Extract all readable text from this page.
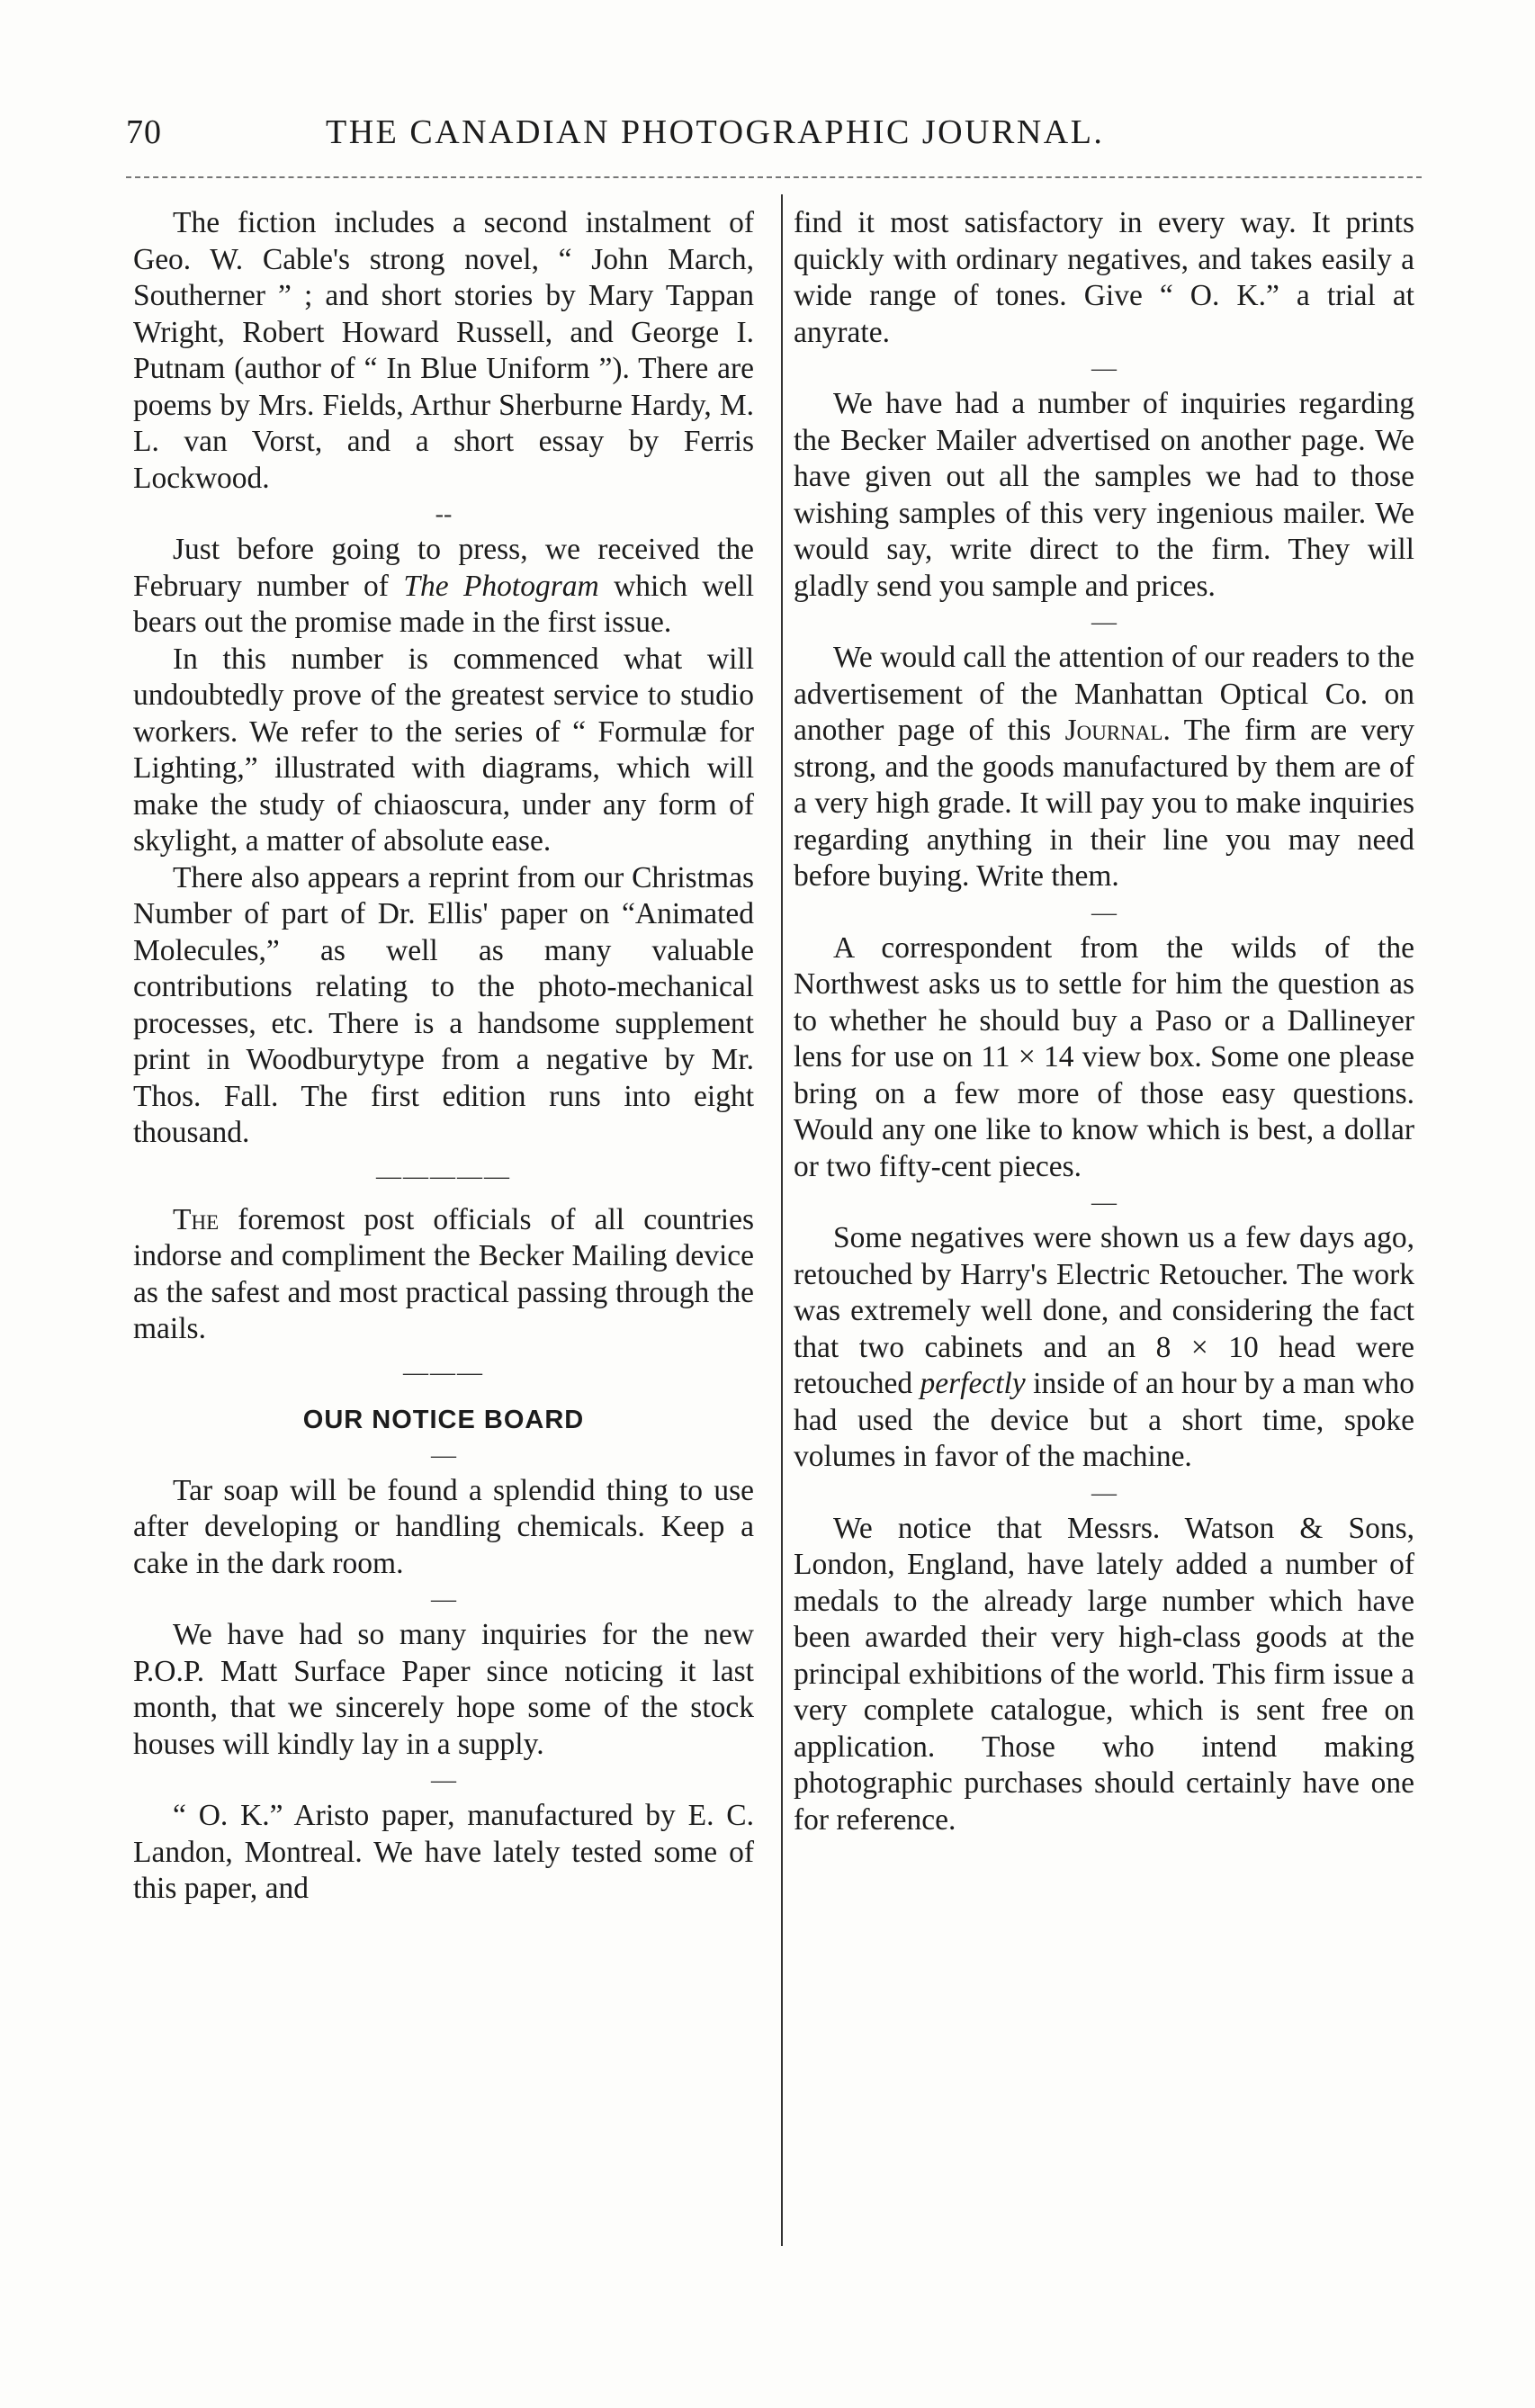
70	THE CANADIAN PHOTOGRAPHIC JOURNAL.

The fiction includes a second instalment of Geo. W. Cable's strong novel, “ John March, Southerner ” ; and short stories by Mary Tappan Wright, Robert Howard Russell, and George I. Putnam (author of “ In Blue Uniform ”). There are poems by Mrs. Fields, Arthur Sherburne Hardy, M. L. van Vorst, and a short essay by Ferris Lockwood.

--

Just before going to press, we received the February number of The Photogram which well bears out the promise made in the first issue.

In this number is commenced what will undoubtedly prove of the greatest service to studio workers. We refer to the series of “ Formulæ for Lighting,” illustrated with diagrams, which will make the study of chiaoscura, under any form of skylight, a matter of absolute ease.

There also appears a reprint from our Christmas Number of part of Dr. Ellis' paper on “Animated Molecules,” as well as many valuable contributions relating to the photo-mechanical processes, etc. There is a handsome supplement print in Woodburytype from a negative by Mr. Thos. Fall. The first edition runs into eight thousand.

—————

The foremost post officials of all countries indorse and compliment the Becker Mailing device as the safest and most practical passing through the mails.

———
OUR NOTICE BOARD
—

Tar soap will be found a splendid thing to use after developing or handling chemicals. Keep a cake in the dark room.

—

We have had so many inquiries for the new P.O.P. Matt Surface Paper since noticing it last month, that we sincerely hope some of the stock houses will kindly lay in a supply.

—

“ O. K.” Aristo paper, manufactured by E. C. Landon, Montreal. We have lately tested some of this paper, and

find it most satisfactory in every way. It prints quickly with ordinary negatives, and takes easily a wide range of tones. Give “ O. K.” a trial at anyrate.

—

We have had a number of inquiries regarding the Becker Mailer advertised on another page. We have given out all the samples we had to those wishing samples of this very ingenious mailer. We would say, write direct to the firm. They will gladly send you sample and prices.

—

We would call the attention of our readers to the advertisement of the Manhattan Optical Co. on another page of this Journal. The firm are very strong, and the goods manufactured by them are of a very high grade. It will pay you to make inquiries regarding anything in their line you may need before buying. Write them.

—

A correspondent from the wilds of the Northwest asks us to settle for him the question as to whether he should buy a Paso or a Dallineyer lens for use on 11 × 14 view box. Some one please bring on a few more of those easy questions. Would any one like to know which is best, a dollar or two fifty-cent pieces.

—

Some negatives were shown us a few days ago, retouched by Harry's Electric Retoucher. The work was extremely well done, and considering the fact that two cabinets and an 8 × 10 head were retouched perfectly inside of an hour by a man who had used the device but a short time, spoke volumes in favor of the machine.

—

We notice that Messrs. Watson & Sons, London, England, have lately added a number of medals to the already large number which have been awarded their very high-class goods at the principal exhibitions of the world. This firm issue a very complete catalogue, which is sent free on application. Those who intend making photographic purchases should certainly have one for reference.
